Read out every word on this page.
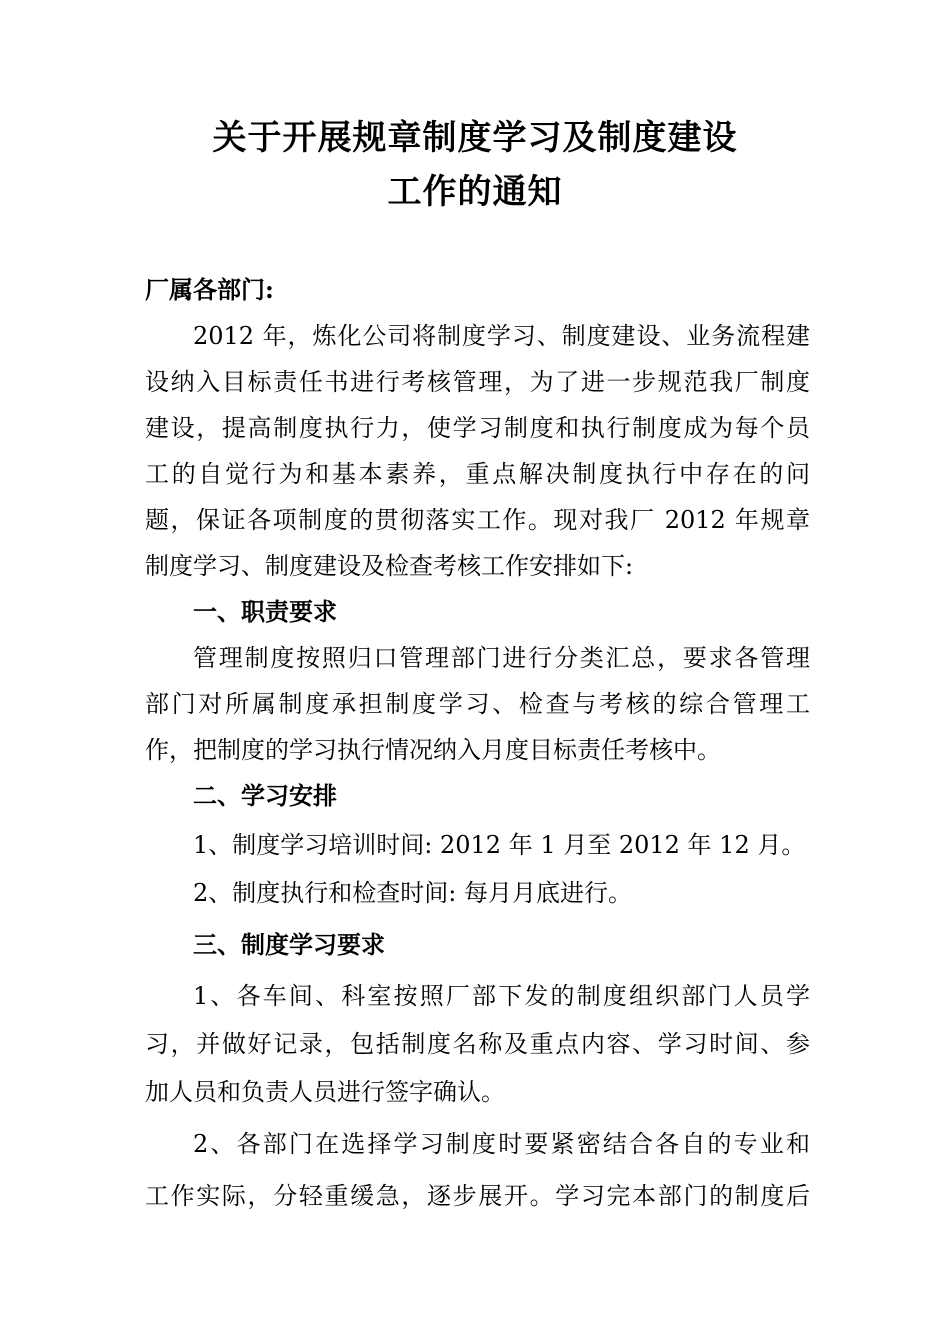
关于开展规章制度学习及制度建设
工作的通知
厂属各部门:
2012 年，炼化公司将制度学习、制度建设、业务流程建
设纳入目标责任书进行考核管理，为了进一步规范我厂制度
建设，提高制度执行力，使学习制度和执行制度成为每个员
工的自觉行为和基本素养，重点解决制度执行中存在的问
题，保证各项制度的贯彻落实工作。现对我厂 2012 年规章
制度学习、制度建设及检查考核工作安排如下:
一、职责要求
管理制度按照归口管理部门进行分类汇总，要求各管理
部门对所属制度承担制度学习、检查与考核的综合管理工
作，把制度的学习执行情况纳入月度目标责任考核中。
二、学习安排
1、制度学习培训时间: 2012 年 1 月至 2012 年 12 月。
2、制度执行和检查时间: 每月月底进行。
三、制度学习要求
1、各车间、科室按照厂部下发的制度组织部门人员学
习，并做好记录，包括制度名称及重点内容、学习时间、参
加人员和负责人员进行签字确认。
2、各部门在选择学习制度时要紧密结合各自的专业和
工作实际，分轻重缓急，逐步展开。学习完本部门的制度后
